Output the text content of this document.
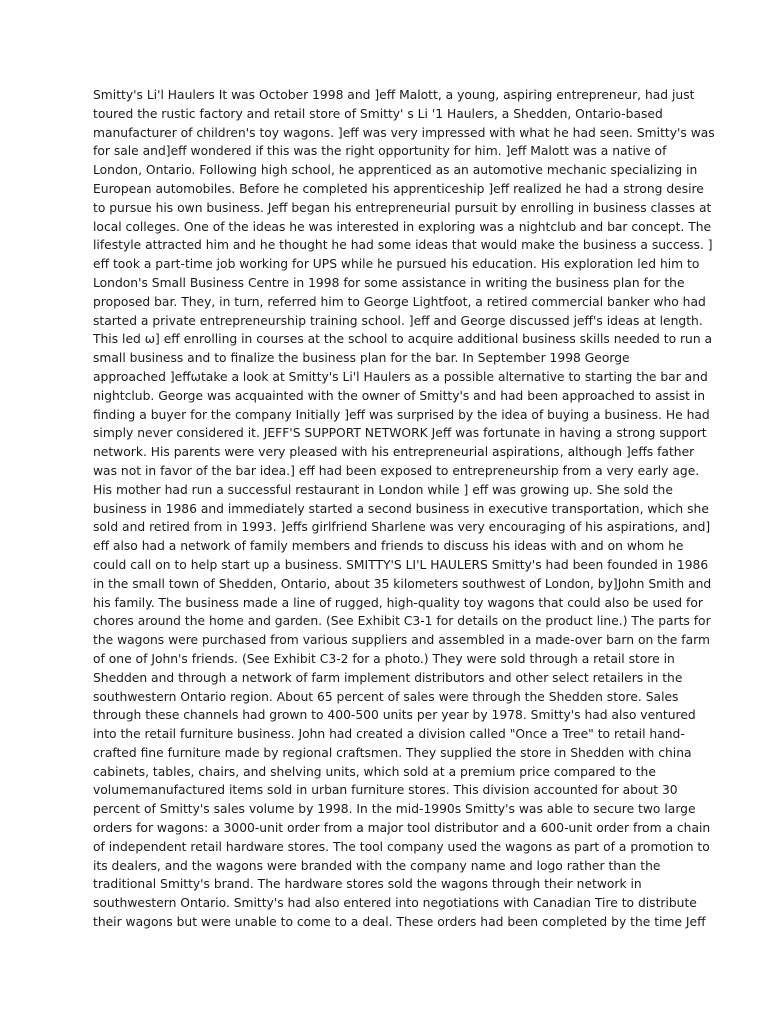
Smitty's Li'l Haulers It was October 1998 and ]eff Malott, a young, aspiring entrepreneur, had just
toured the rustic factory and retail store of Smitty' s Li '1 Haulers, a Shedden, Ontario-based
manufacturer of children's toy wagons. ]eff was very impressed with what he had seen. Smitty's was
for sale and]eff wondered if this was the right opportunity for him. ]eff Malott was a native of
London, Ontario. Following high school, he apprenticed as an automotive mechanic specializing in
European automobiles. Before he completed his apprenticeship ]eff realized he had a strong desire
to pursue his own business. Jeff began his entrepreneurial pursuit by enrolling in business classes at
local colleges. One of the ideas he was interested in exploring was a nightclub and bar concept. The
lifestyle attracted him and he thought he had some ideas that would make the business a success. ]
eff took a part-time job working for UPS while he pursued his education. His exploration led him to
London's Small Business Centre in 1998 for some assistance in writing the business plan for the
proposed bar. They, in turn, referred him to George Lightfoot, a retired commercial banker who had
started a private entrepreneurship training school. ]eff and George discussed jeff's ideas at length.
This led ω] eff enrolling in courses at the school to acquire additional business skills needed to run a
small business and to finalize the business plan for the bar. In September 1998 George
approached ]effωtake a look at Smitty's Li'l Haulers as a possible alternative to starting the bar and
nightclub. George was acquainted with the owner of Smitty's and had been approached to assist in
finding a buyer for the company Initially ]eff was surprised by the idea of buying a business. He had
simply never considered it. JEFF'S SUPPORT NETWORK Jeff was fortunate in having a strong support
network. His parents were very pleased with his entrepreneurial aspirations, although ]effs father
was not in favor of the bar idea.] eff had been exposed to entrepreneurship from a very early age.
His mother had run a successful restaurant in London while ] eff was growing up. She sold the
business in 1986 and immediately started a second business in executive transportation, which she
sold and retired from in 1993. ]effs girlfriend Sharlene was very encouraging of his aspirations, and]
eff also had a network of family members and friends to discuss his ideas with and on whom he
could call on to help start up a business. SMITTY'S LI'L HAULERS Smitty's had been founded in 1986
in the small town of Shedden, Ontario, about 35 kilometers southwest of London, by]John Smith and
his family. The business made a line of rugged, high-quality toy wagons that could also be used for
chores around the home and garden. (See Exhibit C3-1 for details on the product line.) The parts for
the wagons were purchased from various suppliers and assembled in a made-over barn on the farm
of one of John's friends. (See Exhibit C3-2 for a photo.) They were sold through a retail store in
Shedden and through a network of farm implement distributors and other select retailers in the
southwestern Ontario region. About 65 percent of sales were through the Shedden store. Sales
through these channels had grown to 400-500 units per year by 1978. Smitty's had also ventured
into the retail furniture business. John had created a division called "Once a Tree" to retail hand-
crafted fine furniture made by regional craftsmen. They supplied the store in Shedden with china
cabinets, tables, chairs, and shelving units, which sold at a premium price compared to the
volumemanufactured items sold in urban furniture stores. This division accounted for about 30
percent of Smitty's sales volume by 1998. In the mid-1990s Smitty's was able to secure two large
orders for wagons: a 3000-unit order from a major tool distributor and a 600-unit order from a chain
of independent retail hardware stores. The tool company used the wagons as part of a promotion to
its dealers, and the wagons were branded with the company name and logo rather than the
traditional Smitty's brand. The hardware stores sold the wagons through their network in
southwestern Ontario. Smitty's had also entered into negotiations with Canadian Tire to distribute
their wagons but were unable to come to a deal. These orders had been completed by the time Jeff
